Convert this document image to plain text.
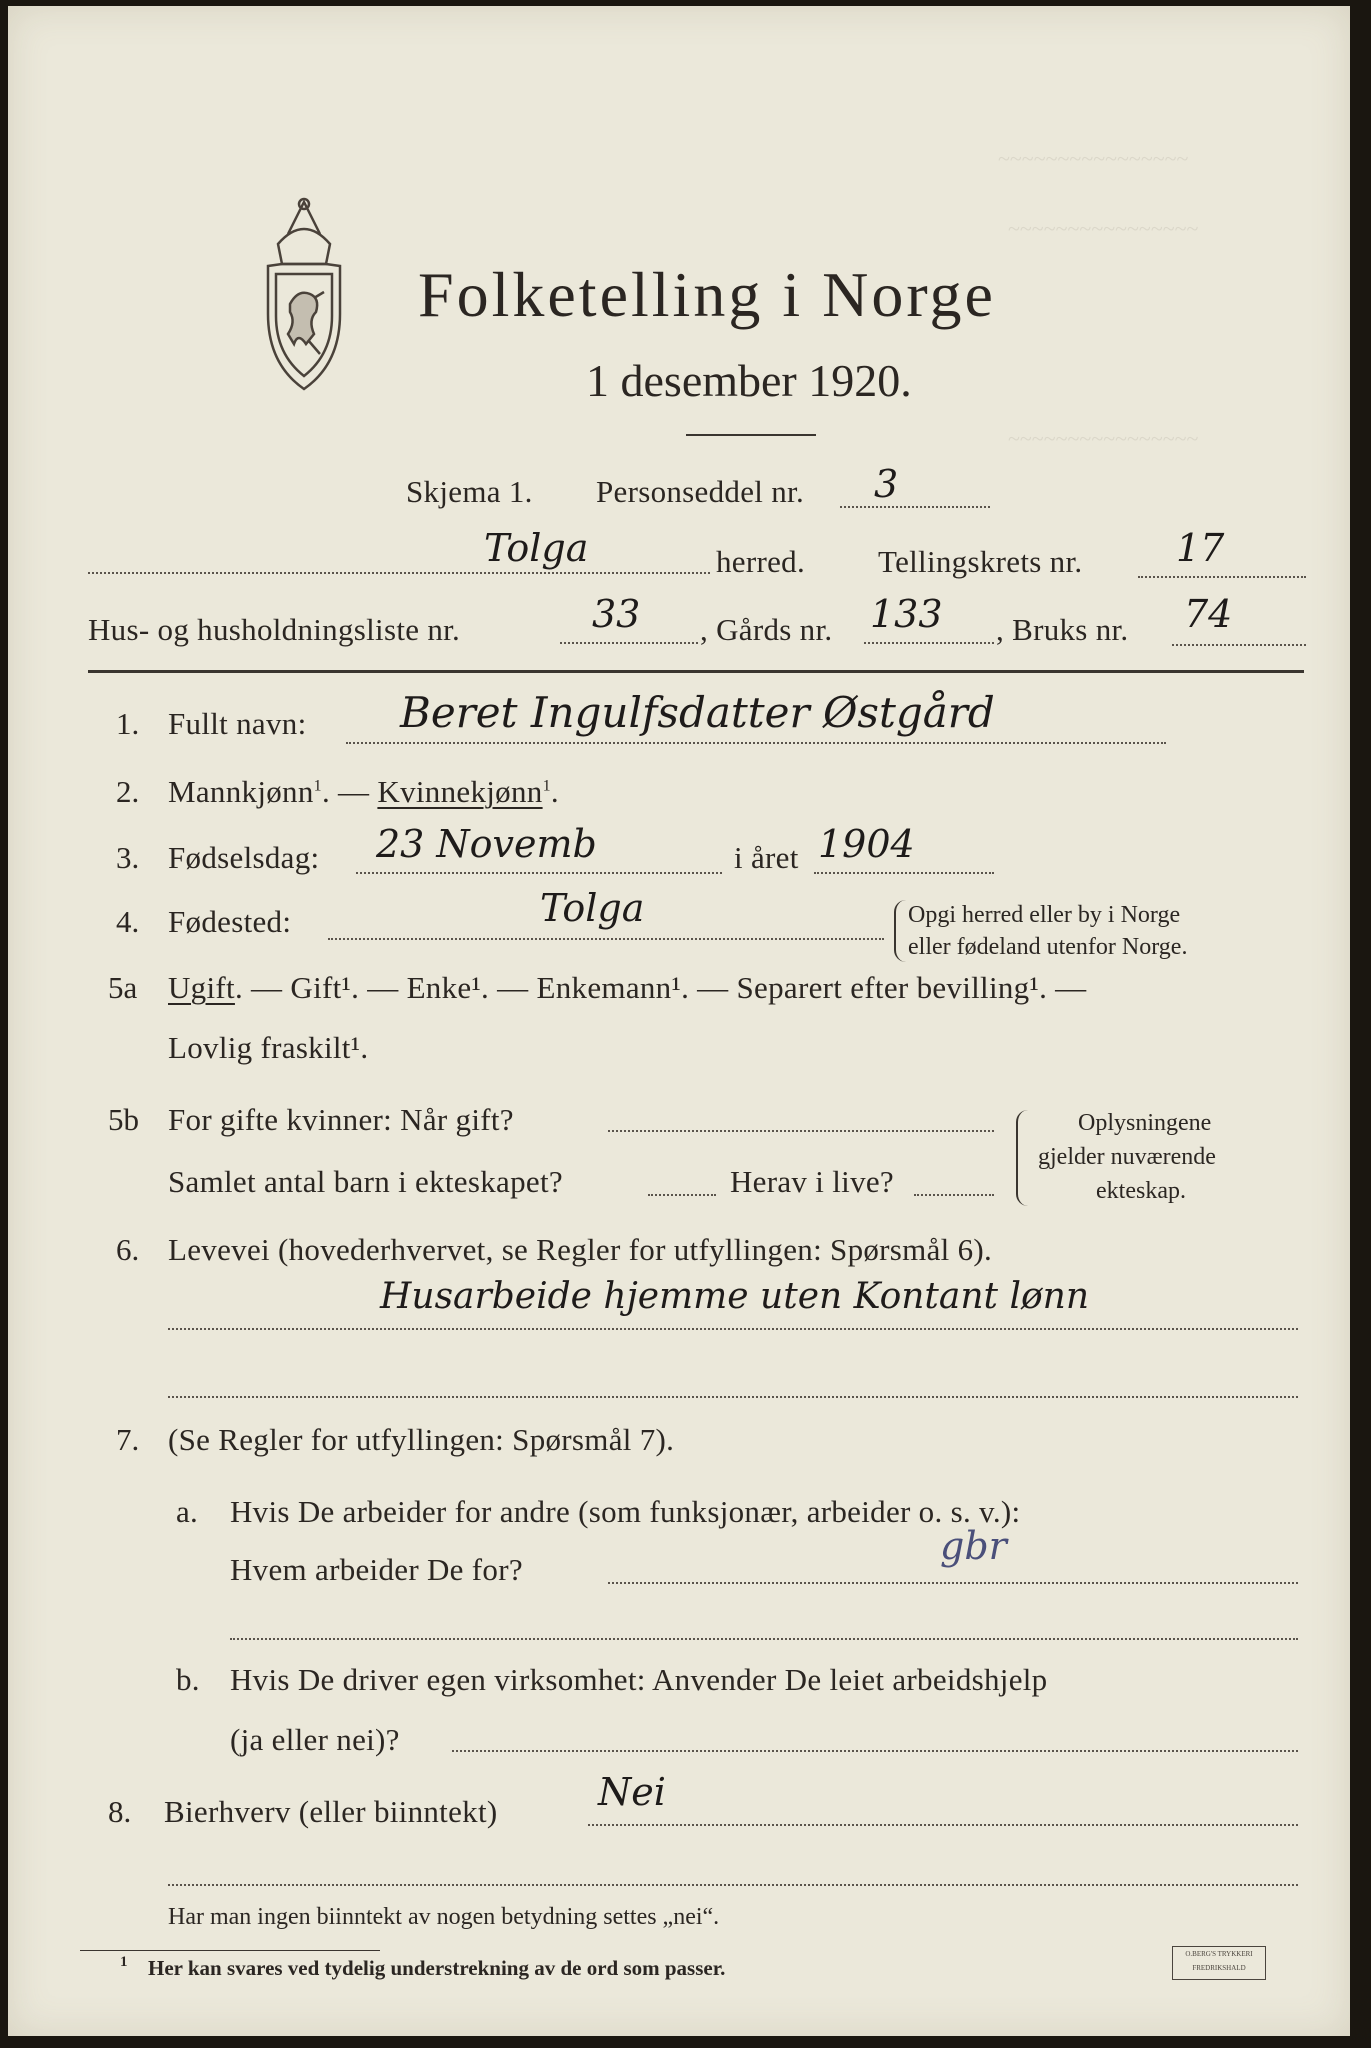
~~~~~~~~~~~~~~~~
~~~~~~~~~~~~~~~~
~~~~~~~~~~~~~~~~
Folketelling i Norge
1 desember 1920.
Skjema 1. Personseddel nr. 3
Tolga	herred. Tellingskrets nr. 17
Hus- og husholdningsliste nr.	33 , Gårds nr. 133 , Bruks nr. 74
1. Fullt navn: Beret Ingulfsdatter Østgård
2. Mannkjønn$^1$. — Kvinnekjønn$^1$.
3. Fødselsdag: 23 Novemb	i året 1904
4. Fødested:	Tolga	Opgi herred eller by i Norge
eller fødeland utenfor Norge.
5a Ugift. — Gift¹. — Enke¹. — Enkemann¹. — Separert efter bevilling¹. —
Lovlig fraskilt¹.
5b For gifte kvinner: Når gift?
Samlet antal barn i ekteskapet?	Herav i live?
Oplysningene
gjelder nuværende
ekteskap.
6. Levevei (hovederhvervet, se Regler for utfyllingen: Spørsmål 6).
Husarbeide hjemme uten Kontant lønn
7. (Se Regler for utfyllingen: Spørsmål 7).
a. Hvis De arbeider for andre (som funksjonær, arbeider o. s. v.):
Hvem arbeider De for?
gbr
b. Hvis De driver egen virksomhet: Anvender De leiet arbeidshjelp
(ja eller nei)?
8. Bierhverv (eller biinntekt)	Nei
Har man ingen biinntekt av nogen betydning settes „nei“.
1 Her kan svares ved tydelig understrekning av de ord som passer.
O.BERG'S TRYKKERI
FREDRIKSHALD
